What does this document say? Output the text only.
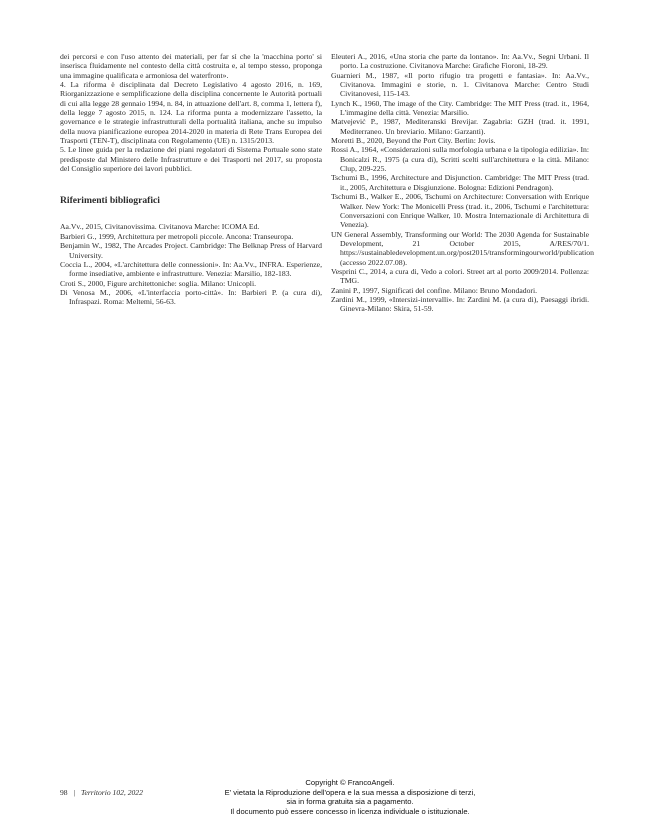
dei percorsi e con l'uso attento dei materiali, per far sì che la 'macchina porto' si inserisca fluidamente nel contesto della città costruita e, al tempo stesso, proponga una immagine qualificata e armoniosa del waterfront».

4. La riforma è disciplinata dal Decreto Legislativo 4 agosto 2016, n. 169, Riorganizzazione e semplificazione della disciplina concernente le Autorità portuali di cui alla legge 28 gennaio 1994, n. 84, in attuazione dell'art. 8, comma 1, lettera f), della legge 7 agosto 2015, n. 124. La riforma punta a modernizzare l'assetto, la governance e le strategie infrastrutturali della portualità italiana, anche su impulso della nuova pianificazione europea 2014-2020 in materia di Rete Trans Europea dei Trasporti (TEN-T), disciplinata con Regolamento (UE) n. 1315/2013.

5. Le linee guida per la redazione dei piani regolatori di Sistema Portuale sono state predisposte dal Ministero delle Infrastrutture e dei Trasporti nel 2017, su proposta del Consiglio superiore dei lavori pubblici.

Riferimenti bibliografici

Aa.Vv., 2015, Civitanovissima. Civitanova Marche: ICOMA Ed.

Barbieri G., 1999, Architettura per metropoli piccole. Ancona: Transeuropa.

Benjamin W., 1982, The Arcades Project. Cambridge: The Belknap Press of Harvard University.

Coccia L., 2004, «L'architettura delle connessioni». In: Aa.Vv., INFRA. Esperienze, forme insediative, ambiente e infrastrutture. Venezia: Marsilio, 182-183.

Croti S., 2000, Figure architettoniche: soglia. Milano: Unicopli.

Di Venosa M., 2006, «L'interfaccia porto-città». In: Barbieri P. (a cura di), Infraspazi. Roma: Meltemi, 56-63.

Eleuteri A., 2016, «Una storia che parte da lontano». In: Aa.Vv., Segni Urbani. Il porto. La costruzione. Civitanova Marche: Grafiche Fioroni, 18-29.

Guarnieri M., 1987, «Il porto rifugio tra progetti e fantasia». In: Aa.Vv., Civitanova. Immagini e storie, n. 1. Civitanova Marche: Centro Studi Civitanovesi, 115-143.

Lynch K., 1960, The image of the City. Cambridge: The MIT Press (trad. it., 1964, L'immagine della città. Venezia: Marsilio.

Matvejević P., 1987, Mediteranski Brevijar. Zagabria: GZH (trad. it. 1991, Mediterraneo. Un breviario. Milano: Garzanti).

Moretti B., 2020, Beyond the Port City. Berlin: Jovis.

Rossi A., 1964, «Considerazioni sulla morfologia urbana e la tipologia edilizia». In: Bonicalzi R., 1975 (a cura di), Scritti scelti sull'architettura e la città. Milano: Clup, 209-225.

Tschumi B., 1996, Architecture and Disjunction. Cambridge: The MIT Press (trad. it., 2005, Architettura e Disgiunzione. Bologna: Edizioni Pendragon).

Tschumi B., Walker E., 2006, Tschumi on Architecture: Conversation with Enrique Walker. New York: The Monicelli Press (trad. it., 2006, Tschumi e l'architettura: Conversazioni con Enrique Walker, 10. Mostra Internazionale di Architettura di Venezia).

UN General Assembly, Transforming our World: The 2030 Agenda for Sustainable Development, 21 October 2015, A/RES/70/1. https://sustainabledevelopment.un.org/post2015/transformingourworld/publication (accesso 2022.07.08).

Vesprini C., 2014, a cura di, Vedo a colori. Street art al porto 2009/2014. Pollenza: TMG.

Zanini P., 1997, Significati del confine. Milano: Bruno Mondadori.

Zardini M., 1999, «Intersizi-intervalli». In: Zardini M. (a cura di), Paesaggi ibridi. Ginevra-Milano: Skira, 51-59.

98 | Territorio 102, 2022
Copyright © FrancoAngeli.
E' vietata la Riproduzione dell'opera e la sua messa a disposizione di terzi,
sia in forma gratuita sia a pagamento.
Il documento può essere concesso in licenza individuale o istituzionale.
